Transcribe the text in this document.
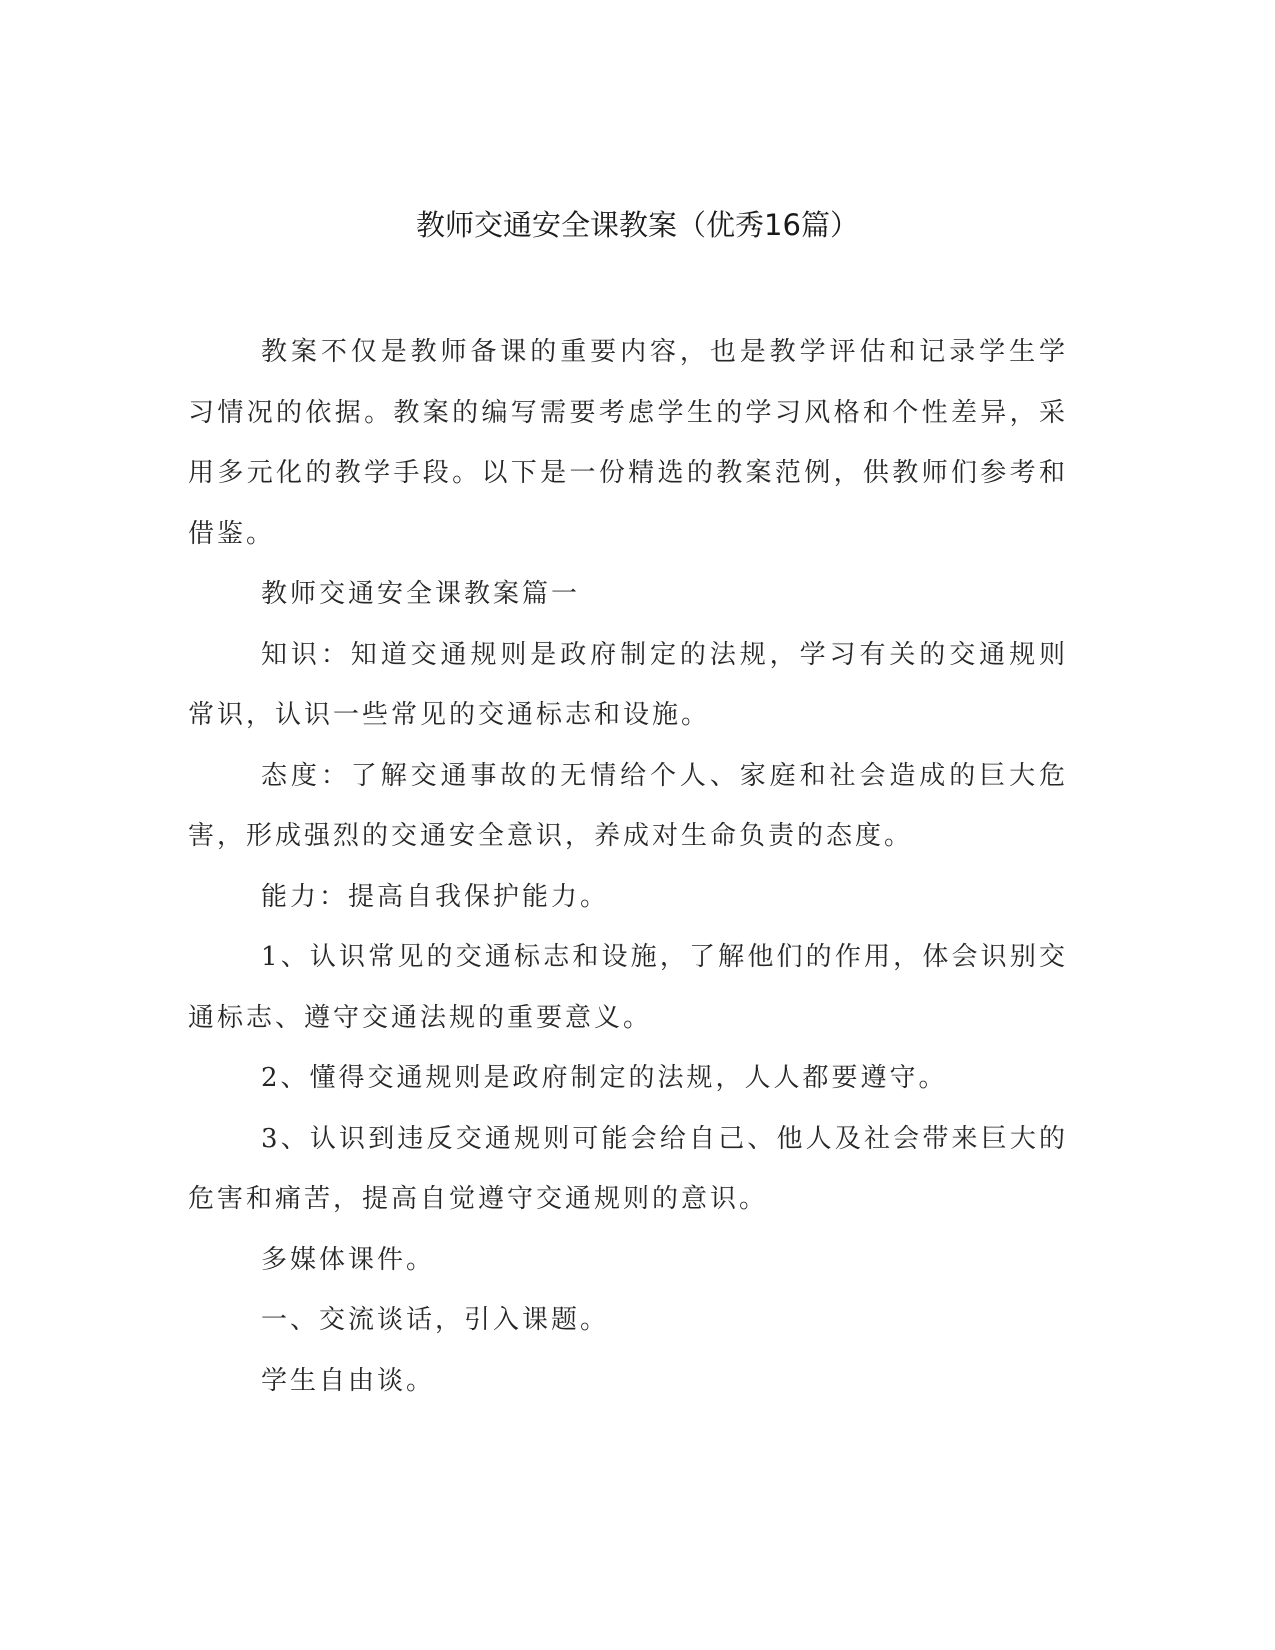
教师交通安全课教案（优秀16篇）

教案不仅是教师备课的重要内容，也是教学评估和记录学生学习情况的依据。教案的编写需要考虑学生的学习风格和个性差异，采用多元化的教学手段。以下是一份精选的教案范例，供教师们参考和借鉴。

教师交通安全课教案篇一

知识：知道交通规则是政府制定的法规，学习有关的交通规则常识，认识一些常见的交通标志和设施。

态度：了解交通事故的无情给个人、家庭和社会造成的巨大危害，形成强烈的交通安全意识，养成对生命负责的态度。

能力：提高自我保护能力。

1、认识常见的交通标志和设施，了解他们的作用，体会识别交通标志、遵守交通法规的重要意义。

2、懂得交通规则是政府制定的法规，人人都要遵守。

3、认识到违反交通规则可能会给自己、他人及社会带来巨大的危害和痛苦，提高自觉遵守交通规则的意识。

多媒体课件。

一、交流谈话，引入课题。

学生自由谈。
